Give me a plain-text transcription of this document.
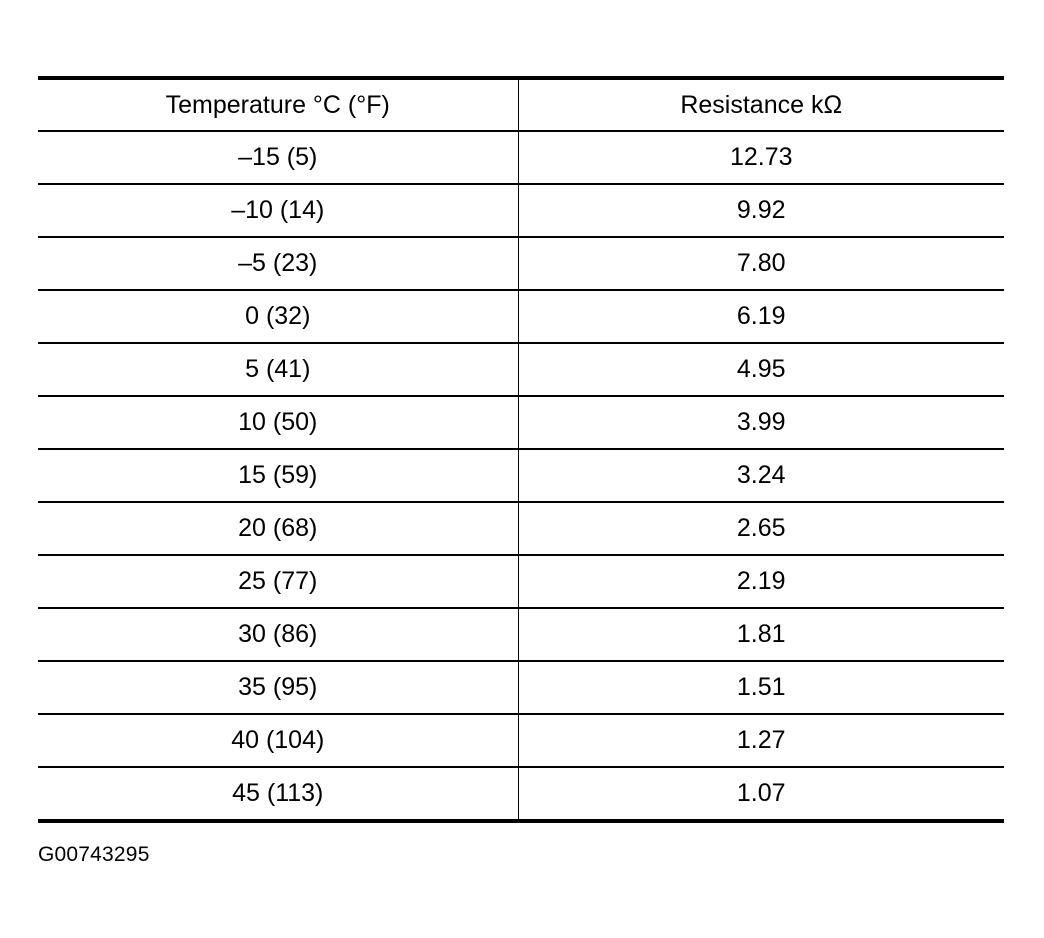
Temperature °C (°F)	Resistance kΩ
–15 (5)	12.73
–10 (14)	9.92
–5 (23)	7.80
0 (32)	6.19
5 (41)	4.95
10 (50)	3.99
15 (59)	3.24
20 (68)	2.65
25 (77)	2.19
30 (86)	1.81
35 (95)	1.51
40 (104)	1.27
45 (113)	1.07
G00743295
